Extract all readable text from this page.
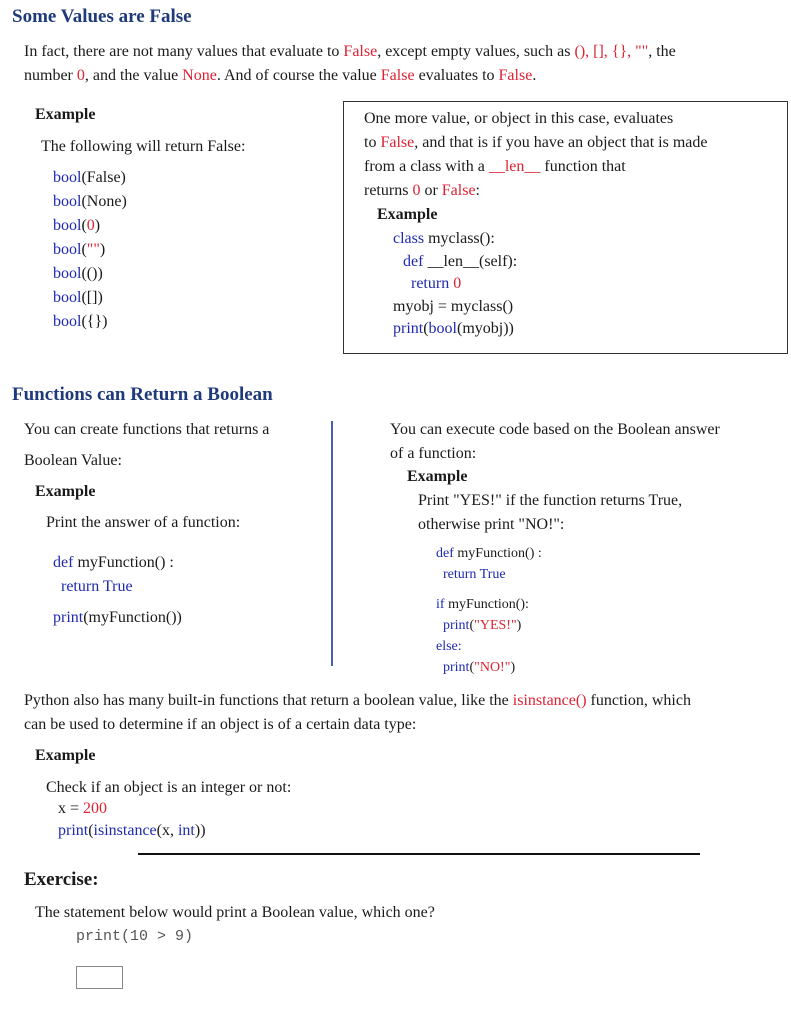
Some Values are False
In fact, there are not many values that evaluate to False, except empty values, such as (), [], {}, "", the
number 0, and the value None. And of course the value False evaluates to False.
Example
The following will return False:
bool(False)
bool(None)
bool(0)
bool("")
bool(())
bool([])
bool({})
One more value, or object in this case, evaluates
to False, and that is if you have an object that is made
from a class with a __len__ function that
returns 0 or False:
Example
class myclass():
def __len__(self):
return 0
myobj = myclass()
print(bool(myobj))
Functions can Return a Boolean
You can create functions that returns a
Boolean Value:
Example
Print the answer of a function:
def myFunction() :
return True
print(myFunction())
You can execute code based on the Boolean answer
of a function:
Example
Print "YES!" if the function returns True,
otherwise print "NO!":
def myFunction() :
return True
if myFunction():
print("YES!")
else:
print("NO!")
Python also has many built-in functions that return a boolean value, like the isinstance() function, which
can be used to determine if an object is of a certain data type:
Example
Check if an object is an integer or not:
x = 200
print(isinstance(x, int))
Exercise:
The statement below would print a Boolean value, which one?
print(10 > 9)
